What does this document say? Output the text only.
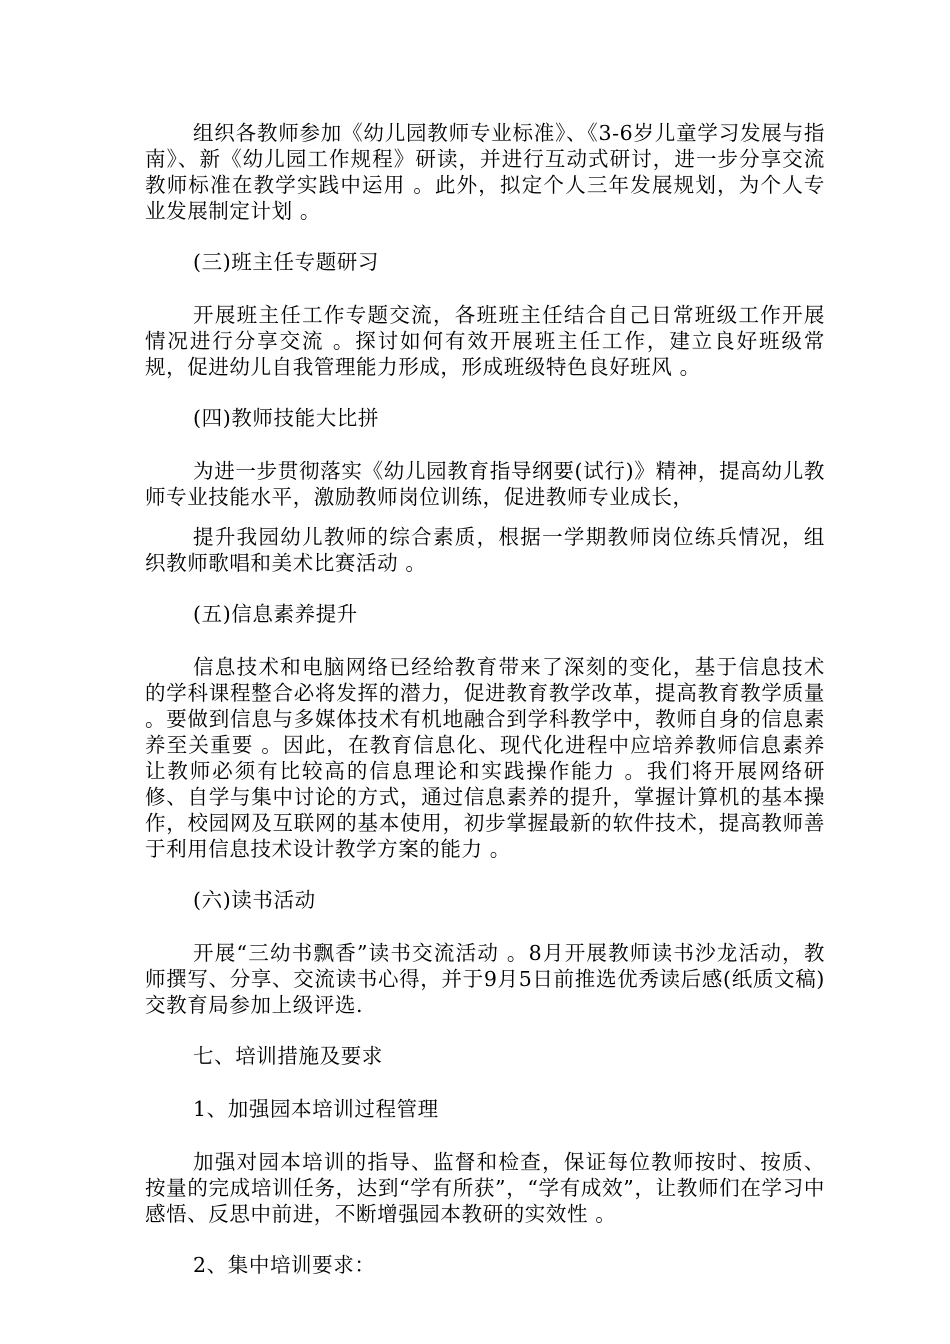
组织各教师参加《幼儿园教师专业标准》、《3-6岁儿童学习发展与指南》、新《幼儿园工作规程》研读，并进行互动式研讨，进一步分享交流教师标准在教学实践中运用 。此外，拟定个人三年发展规划，为个人专业发展制定计划 。

(三)班主任专题研习

开展班主任工作专题交流，各班班主任结合自己日常班级工作开展情况进行分享交流 。探讨如何有效开展班主任工作，建立良好班级常规，促进幼儿自我管理能力形成，形成班级特色良好班风 。

(四)教师技能大比拼

为进一步贯彻落实《幼儿园教育指导纲要(试行)》精神，提高幼儿教师专业技能水平，激励教师岗位训练，促进教师专业成长，

提升我园幼儿教师的综合素质，根据一学期教师岗位练兵情况，组织教师歌唱和美术比赛活动 。

(五)信息素养提升

信息技术和电脑网络已经给教育带来了深刻的变化，基于信息技术的学科课程整合必将发挥的潜力，促进教育教学改革，提高教育教学质量 。要做到信息与多媒体技术有机地融合到学科教学中，教师自身的信息素养至关重要 。因此，在教育信息化、现代化进程中应培养教师信息素养让教师必须有比较高的信息理论和实践操作能力 。我们将开展网络研修、自学与集中讨论的方式，通过信息素养的提升，掌握计算机的基本操作，校园网及互联网的基本使用，初步掌握最新的软件技术，提高教师善于利用信息技术设计教学方案的能力 。

(六)读书活动

开展“三幼书飘香”读书交流活动 。8月开展教师读书沙龙活动，教师撰写、分享、交流读书心得，并于9月5日前推选优秀读后感(纸质文稿)交教育局参加上级评选.

七、培训措施及要求

1、加强园本培训过程管理

加强对园本培训的指导、监督和检查，保证每位教师按时、按质、按量的完成培训任务，达到“学有所获”，“学有成效”，让教师们在学习中感悟、反思中前进，不断增强园本教研的实效性 。

2、集中培训要求：
